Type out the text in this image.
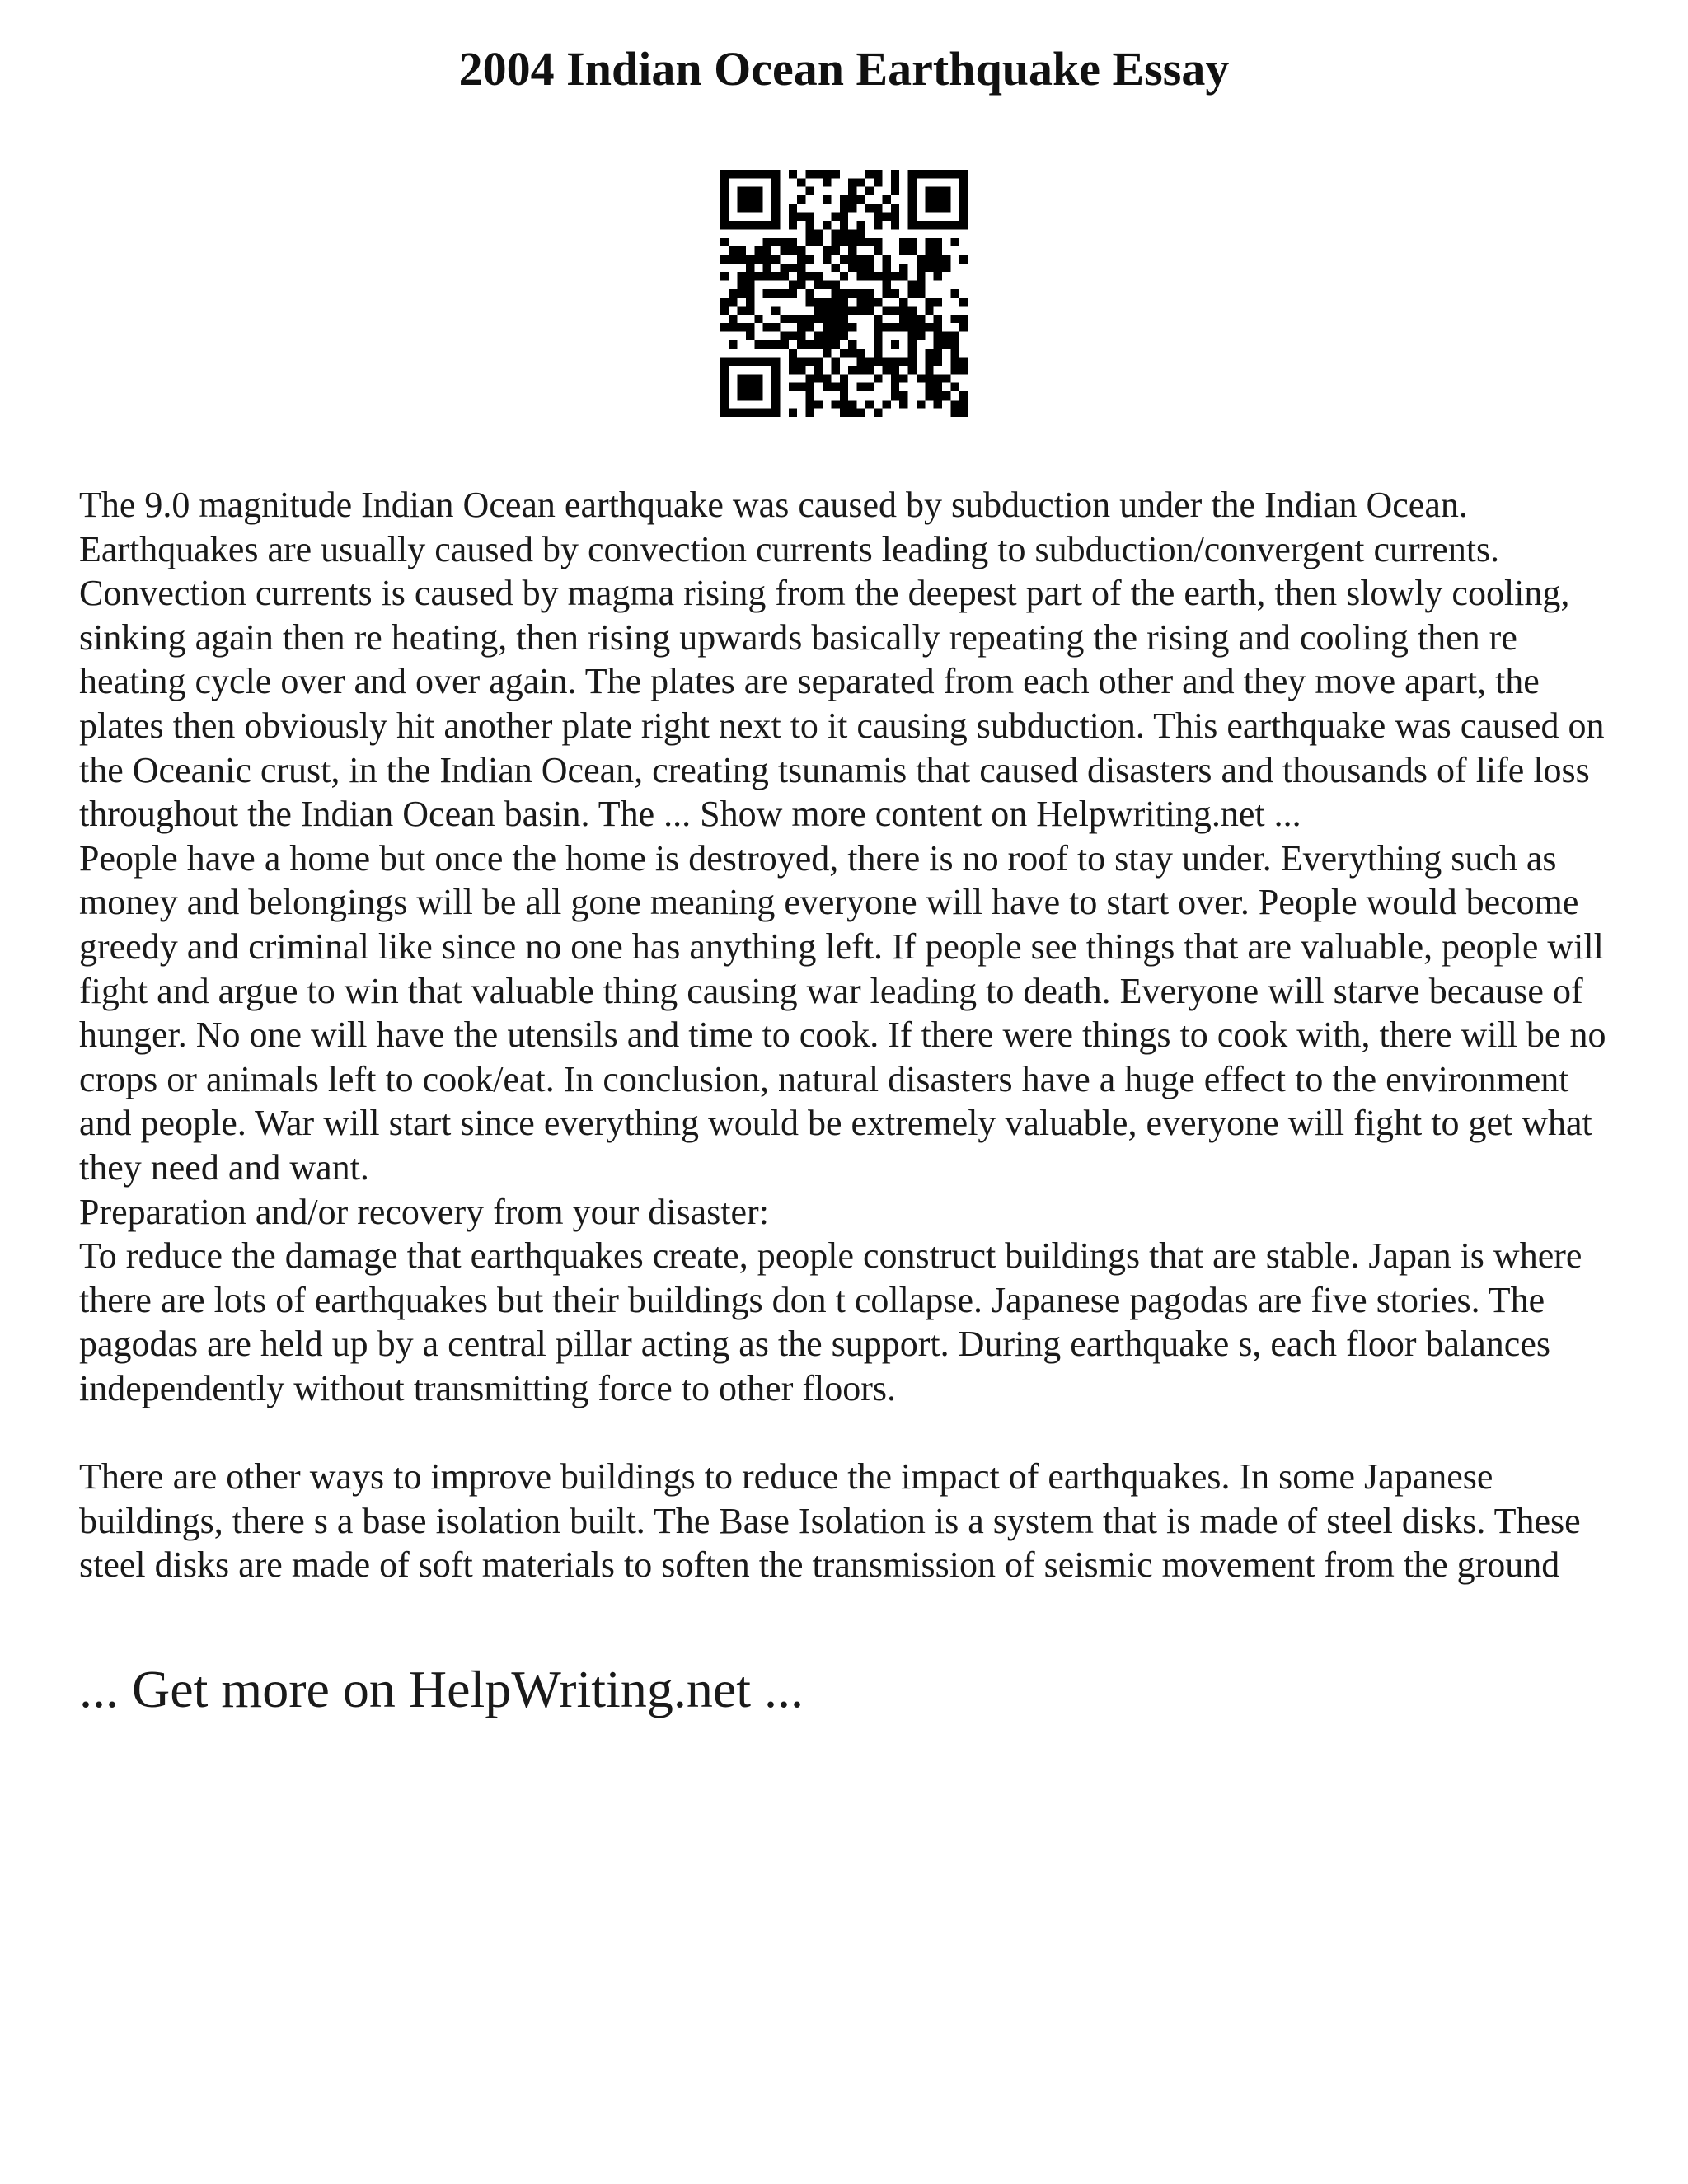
2004 Indian Ocean Earthquake Essay

The 9.0 magnitude Indian Ocean earthquake was caused by subduction under the Indian Ocean. Earthquakes are usually caused by convection currents leading to subduction/convergent currents. Convection currents is caused by magma rising from the deepest part of the earth, then slowly cooling, sinking again then re heating, then rising upwards basically repeating the rising and cooling then re heating cycle over and over again. The plates are separated from each other and they move apart, the plates then obviously hit another plate right next to it causing subduction. This earthquake was caused on the Oceanic crust, in the Indian Ocean, creating tsunamis that caused disasters and thousands of life loss throughout the Indian Ocean basin. The ... Show more content on Helpwriting.net ...

People have a home but once the home is destroyed, there is no roof to stay under. Everything such as money and belongings will be all gone meaning everyone will have to start over. People would become greedy and criminal like since no one has anything left. If people see things that are valuable, people will fight and argue to win that valuable thing causing war leading to death. Everyone will starve because of hunger. No one will have the utensils and time to cook. If there were things to cook with, there will be no crops or animals left to cook/eat. In conclusion, natural disasters have a huge effect to the environment and people. War will start since everything would be extremely valuable, everyone will fight to get what they need and want.

Preparation and/or recovery from your disaster:

To reduce the damage that earthquakes create, people construct buildings that are stable. Japan is where there are lots of earthquakes but their buildings don t collapse. Japanese pagodas are five stories. The pagodas are held up by a central pillar acting as the support. During earthquake s, each floor balances independently without transmitting force to other floors.

There are other ways to improve buildings to reduce the impact of earthquakes. In some Japanese buildings, there s a base isolation built. The Base Isolation is a system that is made of steel disks. These steel disks are made of soft materials to soften the transmission of seismic movement from the ground

... Get more on HelpWriting.net ...
